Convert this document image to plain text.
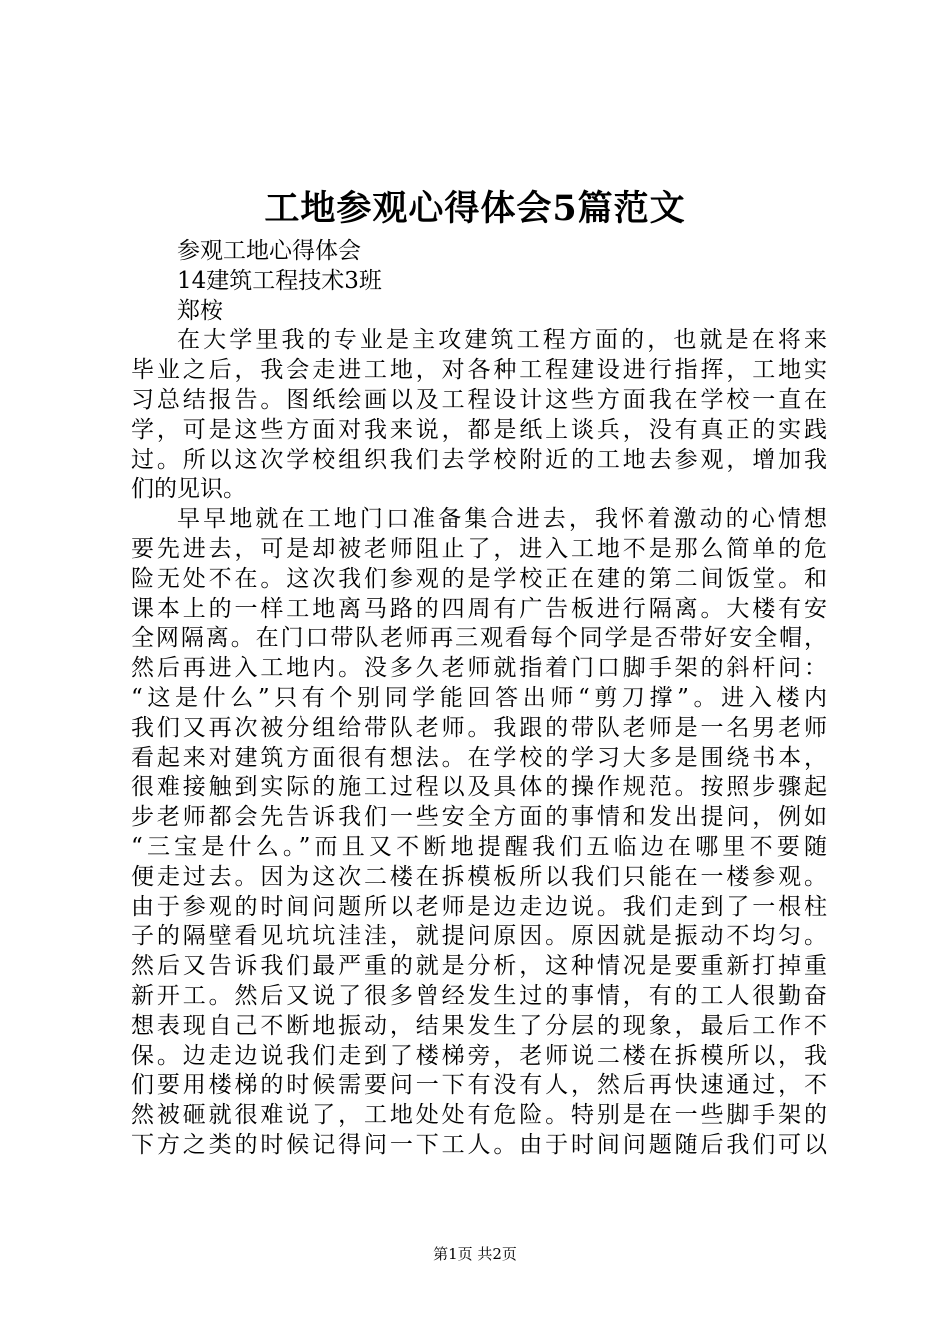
工地参观心得体会5篇范文

参观工地心得体会

14建筑工程技术3班

郑桉

在大学里我的专业是主攻建筑工程方面的，也就是在将来

毕业之后，我会走进工地，对各种工程建设进行指挥，工地实

习总结报告。图纸绘画以及工程设计这些方面我在学校一直在

学，可是这些方面对我来说，都是纸上谈兵，没有真正的实践

过。所以这次学校组织我们去学校附近的工地去参观，增加我

们的见识。

早早地就在工地门口准备集合进去，我怀着激动的心情想

要先进去，可是却被老师阻止了，进入工地不是那么简单的危

险无处不在。这次我们参观的是学校正在建的第二间饭堂。和

课本上的一样工地离马路的四周有广告板进行隔离。大楼有安

全网隔离。在门口带队老师再三观看每个同学是否带好安全帽，

然后再进入工地内。没多久老师就指着门口脚手架的斜杆问：

“这是什么”只有个别同学能回答出师“剪刀撑”。进入楼内

我们又再次被分组给带队老师。我跟的带队老师是一名男老师

看起来对建筑方面很有想法。在学校的学习大多是围绕书本，

很难接触到实际的施工过程以及具体的操作规范。按照步骤起

步老师都会先告诉我们一些安全方面的事情和发出提问，例如

“三宝是什么。”而且又不断地提醒我们五临边在哪里不要随

便走过去。因为这次二楼在拆模板所以我们只能在一楼参观。

由于参观的时间问题所以老师是边走边说。我们走到了一根柱

子的隔壁看见坑坑洼洼，就提问原因。原因就是振动不均匀。

然后又告诉我们最严重的就是分析，这种情况是要重新打掉重

新开工。然后又说了很多曾经发生过的事情，有的工人很勤奋

想表现自己不断地振动，结果发生了分层的现象，最后工作不

保。边走边说我们走到了楼梯旁，老师说二楼在拆模所以，我

们要用楼梯的时候需要问一下有没有人，然后再快速通过，不

然被砸就很难说了，工地处处有危险。特别是在一些脚手架的

下方之类的时候记得问一下工人。由于时间问题随后我们可以

第1页 共2页
